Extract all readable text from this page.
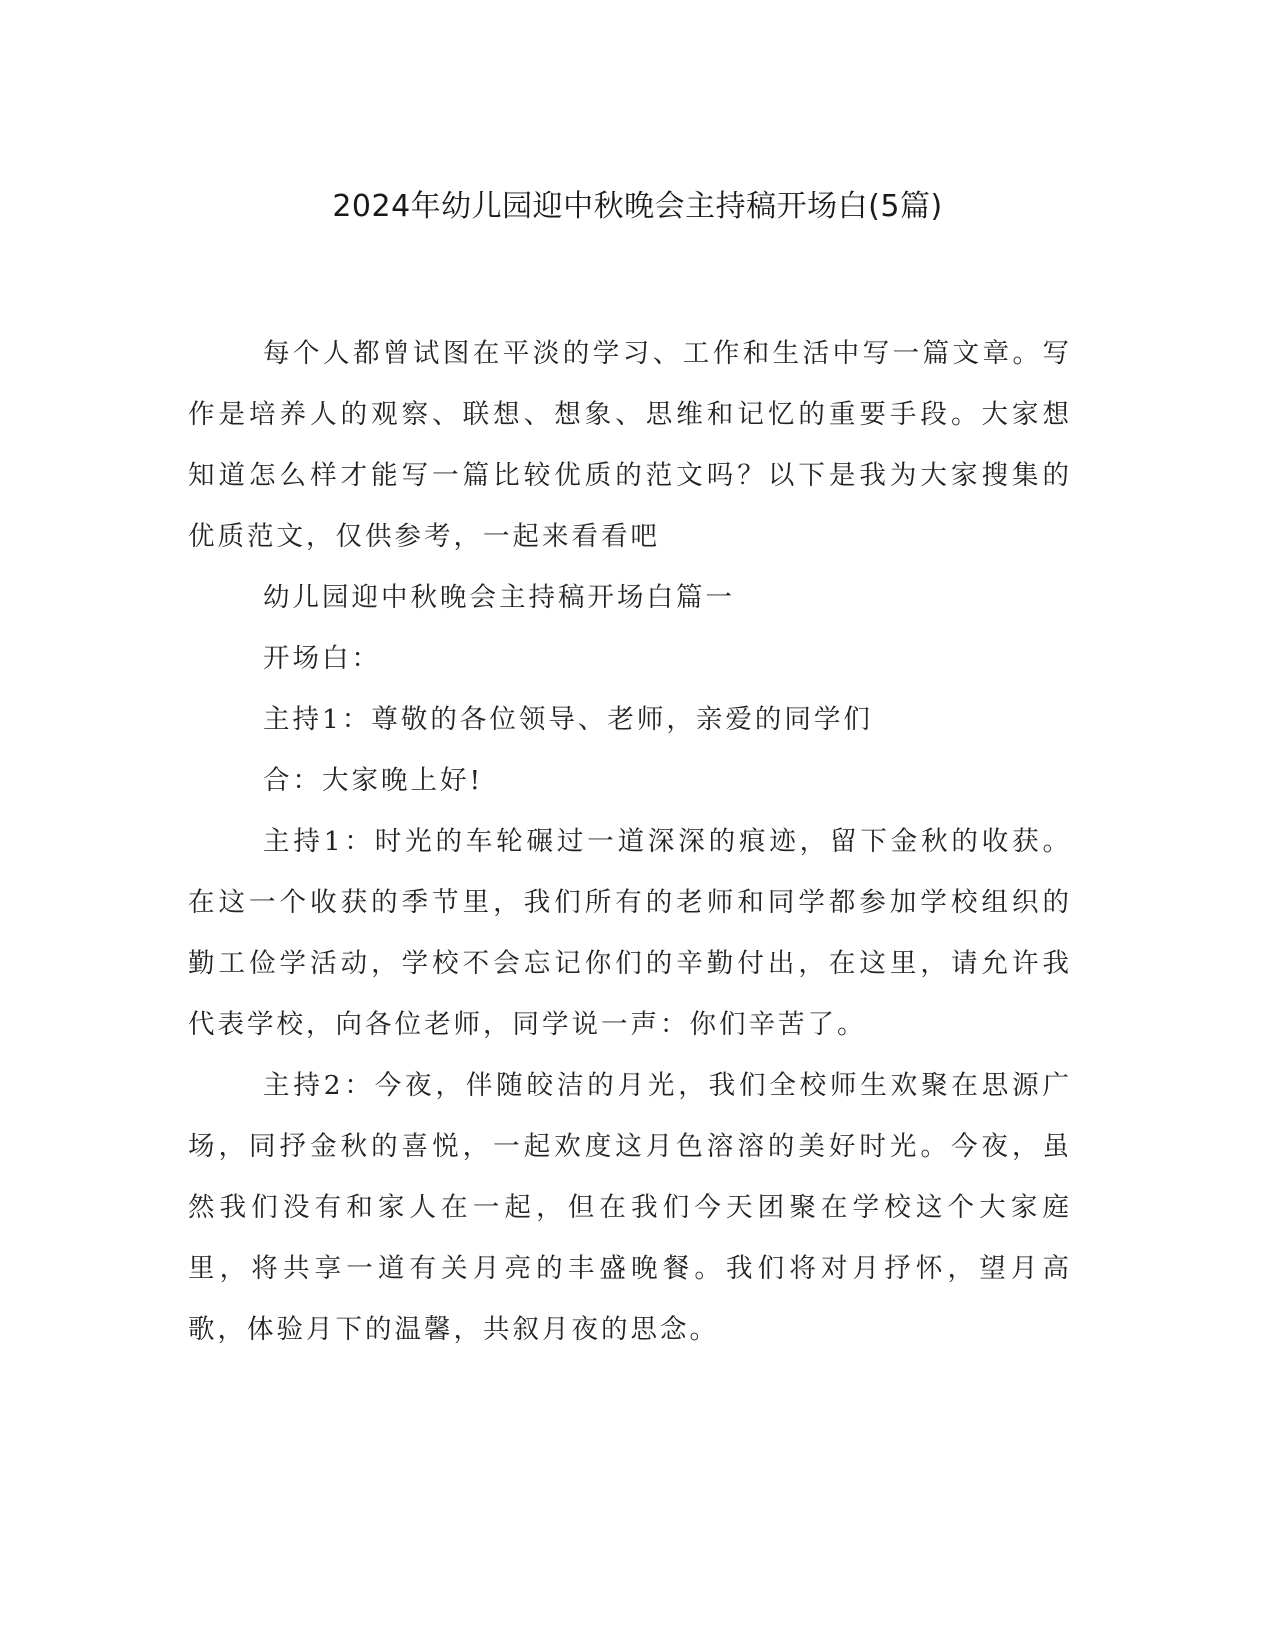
2024年幼儿园迎中秋晚会主持稿开场白(5篇)

每个人都曾试图在平淡的学习、工作和生活中写一篇文章。写作是培养人的观察、联想、想象、思维和记忆的重要手段。大家想知道怎么样才能写一篇比较优质的范文吗？以下是我为大家搜集的优质范文，仅供参考，一起来看看吧

幼儿园迎中秋晚会主持稿开场白篇一

开场白：

主持1：尊敬的各位领导、老师，亲爱的同学们

合：大家晚上好!

主持1：时光的车轮碾过一道深深的痕迹，留下金秋的收获。在这一个收获的季节里，我们所有的老师和同学都参加学校组织的勤工俭学活动，学校不会忘记你们的辛勤付出，在这里，请允许我代表学校，向各位老师，同学说一声：你们辛苦了。

主持2：今夜，伴随皎洁的月光，我们全校师生欢聚在思源广场，同抒金秋的喜悦，一起欢度这月色溶溶的美好时光。今夜，虽然我们没有和家人在一起，但在我们今天团聚在学校这个大家庭里，将共享一道有关月亮的丰盛晚餐。我们将对月抒怀，望月高歌，体验月下的温馨，共叙月夜的思念。
